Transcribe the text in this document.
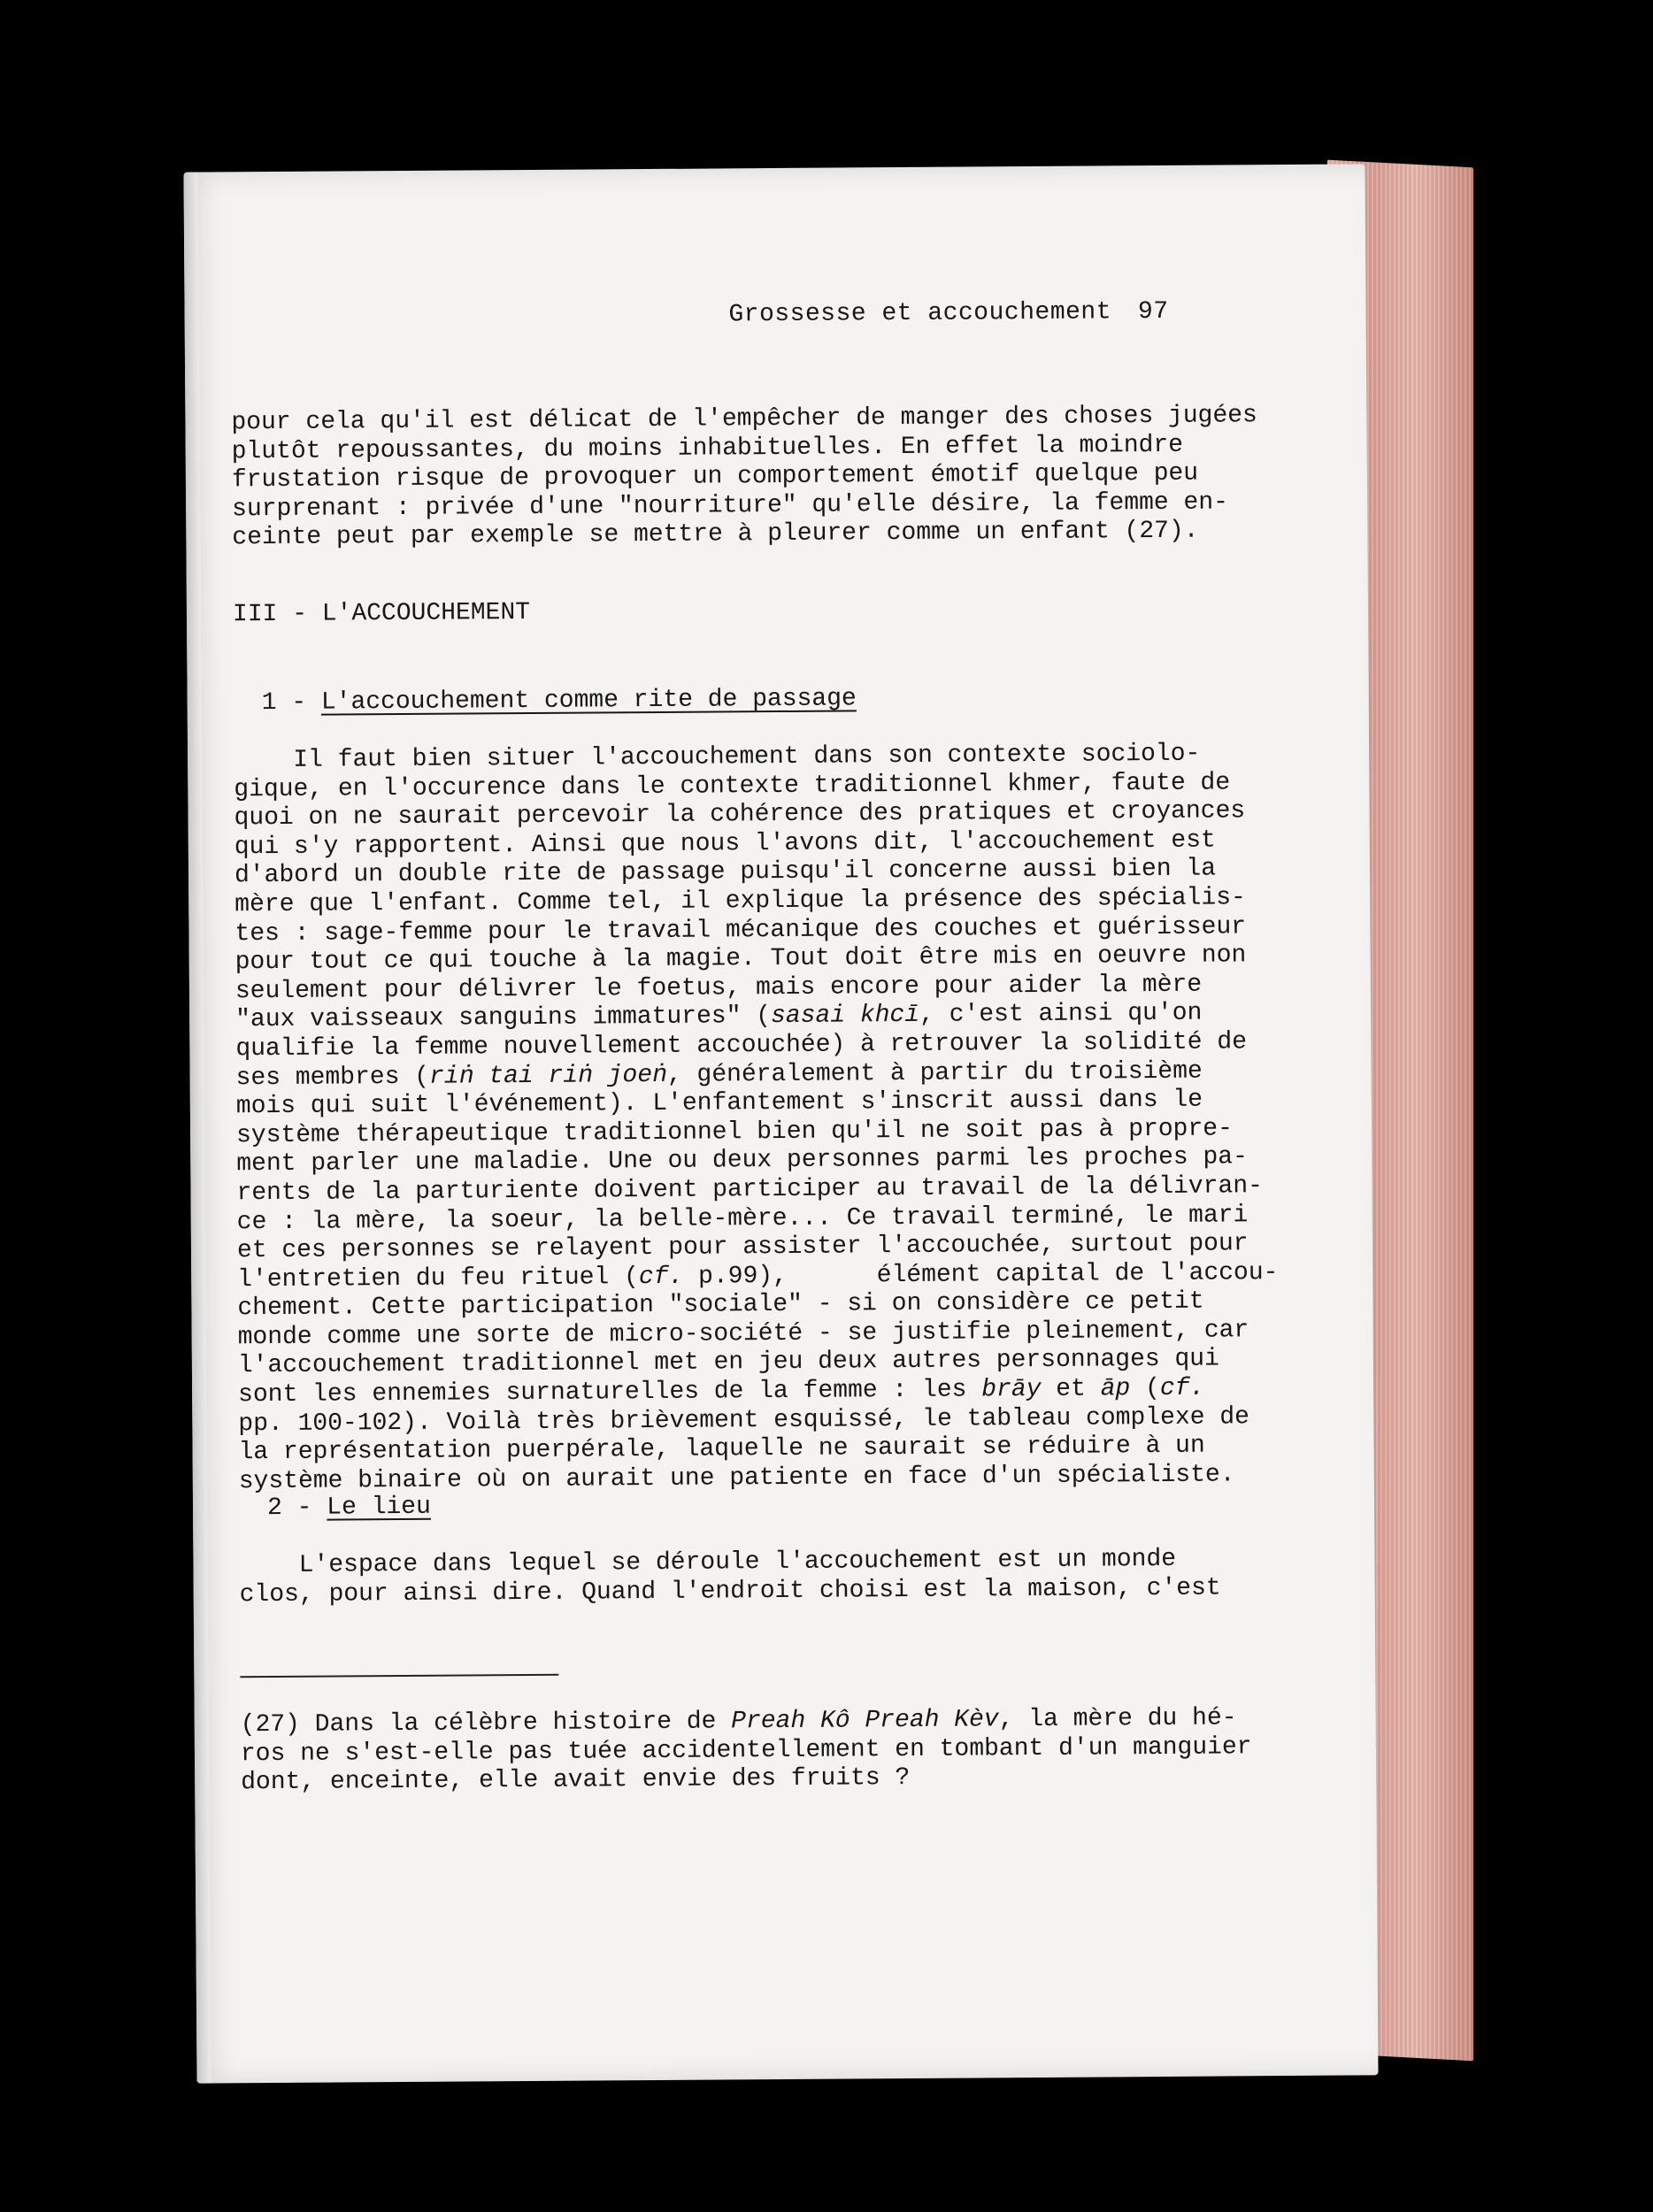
Grossesse et accouchement 97
pour cela qu'il est délicat de l'empêcher de manger des choses jugées
plutôt repoussantes, du moins inhabituelles. En effet la moindre
frustation risque de provoquer un comportement émotif quelque peu
surprenant : privée d'une "nourriture" qu'elle désire, la femme en-
ceinte peut par exemple se mettre à pleurer comme un enfant (27).
III - L'ACCOUCHEMENT
1 - L'accouchement comme rite de passage
Il faut bien situer l'accouchement dans son contexte sociolo-
gique, en l'occurence dans le contexte traditionnel khmer, faute de
quoi on ne saurait percevoir la cohérence des pratiques et croyances
qui s'y rapportent. Ainsi que nous l'avons dit, l'accouchement est
d'abord un double rite de passage puisqu'il concerne aussi bien la
mère que l'enfant. Comme tel, il explique la présence des spécialis-
tes : sage-femme pour le travail mécanique des couches et guérisseur
pour tout ce qui touche à la magie. Tout doit être mis en oeuvre non
seulement pour délivrer le foetus, mais encore pour aider la mère
"aux vaisseaux sanguins immatures" (sasai khcī, c'est ainsi qu'on
qualifie la femme nouvellement accouchée) à retrouver la solidité de
ses membres (riṅ tai riṅ joeṅ, généralement à partir du troisième
mois qui suit l'événement). L'enfantement s'inscrit aussi dans le
système thérapeutique traditionnel bien qu'il ne soit pas à propre-
ment parler une maladie. Une ou deux personnes parmi les proches pa-
rents de la parturiente doivent participer au travail de la délivran-
ce : la mère, la soeur, la belle-mère... Ce travail terminé, le mari
et ces personnes se relayent pour assister l'accouchée, surtout pour
l'entretien du feu rituel (cf. p.99),      élément capital de l'accou-
chement. Cette participation "sociale" - si on considère ce petit
monde comme une sorte de micro-société - se justifie pleinement, car
l'accouchement traditionnel met en jeu deux autres personnages qui
sont les ennemies surnaturelles de la femme : les brāy et āp (cf.
pp. 100-102). Voilà très brièvement esquissé, le tableau complexe de
la représentation puerpérale, laquelle ne saurait se réduire à un
système binaire où on aurait une patiente en face d'un spécialiste.
2 - Le lieu
L'espace dans lequel se déroule l'accouchement est un monde
clos, pour ainsi dire. Quand l'endroit choisi est la maison, c'est
(27) Dans la célèbre histoire de Preah Kô Preah Kèv, la mère du hé-
ros ne s'est-elle pas tuée accidentellement en tombant d'un manguier
dont, enceinte, elle avait envie des fruits ?
